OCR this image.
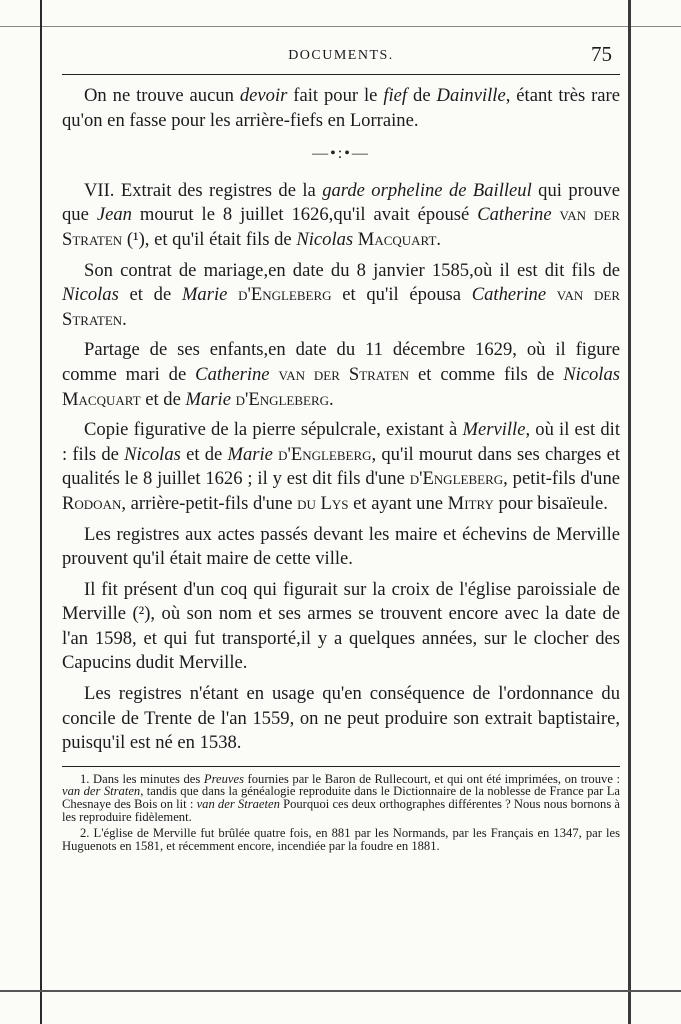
DOCUMENTS.	75

On ne trouve aucun devoir fait pour le fief de Dainville, étant très rare qu'on en fasse pour les arrière-fiefs en Lorraine.

—•:•—

VII. Extrait des registres de la garde orpheline de Bailleul qui prouve que Jean mourut le 8 juillet 1626,qu'il avait épousé Catherine van der Straten (¹), et qu'il était fils de Nicolas Macquart.

Son contrat de mariage,en date du 8 janvier 1585,où il est dit fils de Nicolas et de Marie d'Engleberg et qu'il épousa Catherine van der Straten.

Partage de ses enfants,en date du 11 décembre 1629, où il figure comme mari de Catherine van der Straten et comme fils de Nicolas Macquart et de Marie d'Engleberg.

Copie figurative de la pierre sépulcrale, existant à Merville, où il est dit : fils de Nicolas et de Marie d'Engleberg, qu'il mourut dans ses charges et qualités le 8 juillet 1626 ; il y est dit fils d'une d'Engleberg, petit-fils d'une Rodoan, arrière-petit-fils d'une du Lys et ayant une Mitry pour bisaïeule.

Les registres aux actes passés devant les maire et échevins de Merville prouvent qu'il était maire de cette ville.

Il fit présent d'un coq qui figurait sur la croix de l'église paroissiale de Merville (²), où son nom et ses armes se trouvent encore avec la date de l'an 1598, et qui fut transporté,il y a quelques années, sur le clocher des Capucins dudit Merville.

Les registres n'étant en usage qu'en conséquence de l'ordonnance du concile de Trente de l'an 1559, on ne peut produire son extrait baptistaire, puisqu'il est né en 1538.

1. Dans les minutes des Preuves fournies par le Baron de Rullecourt, et qui ont été imprimées, on trouve : van der Straten, tandis que dans la généalogie reproduite dans le Dictionnaire de la noblesse de France par La Chesnaye des Bois on lit : van der Straeten Pourquoi ces deux orthographes différentes ? Nous nous bornons à les reproduire fidèlement.

2. L'église de Merville fut brûlée quatre fois, en 881 par les Normands, par les Français en 1347, par les Huguenots en 1581, et récemment encore, incendiée par la foudre en 1881.
